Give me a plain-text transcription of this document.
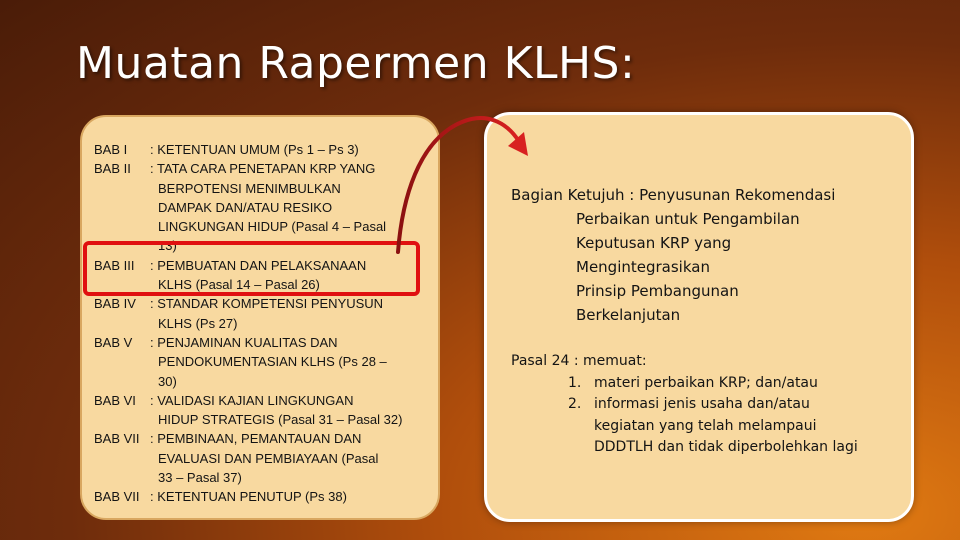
Muatan Rapermen KLHS:
BAB I	: KETENTUAN UMUM (Ps 1 – Ps 3)
BAB II	: TATA CARA PENETAPAN KRP YANG
BERPOTENSI MENIMBULKAN
DAMPAK DAN/ATAU RESIKO
LINGKUNGAN HIDUP (Pasal 4 – Pasal
13)
BAB III	: PEMBUATAN DAN PELAKSANAAN
KLHS (Pasal 14 – Pasal 26)
BAB IV	: STANDAR KOMPETENSI PENYUSUN
KLHS (Ps 27)
BAB V	: PENJAMINAN KUALITAS DAN
PENDOKUMENTASIAN KLHS (Ps 28 –
30)
BAB VI	: VALIDASI KAJIAN LINGKUNGAN
HIDUP STRATEGIS (Pasal 31 – Pasal 32)
BAB VII : PEMBINAAN, PEMANTAUAN DAN
EVALUASI DAN PEMBIAYAAN (Pasal
33 – Pasal 37)
BAB VII : KETENTUAN PENUTUP (Ps 38)
Bagian Ketujuh : Penyusunan Rekomendasi
Perbaikan untuk Pengambilan
Keputusan KRP yang
Mengintegrasikan
Prinsip Pembangunan
Berkelanjutan
Pasal 24 : memuat:
1. materi perbaikan KRP; dan/atau
2. informasi jenis usaha dan/atau
kegiatan yang telah melampaui
DDDTLH dan tidak diperbolehkan lagi
